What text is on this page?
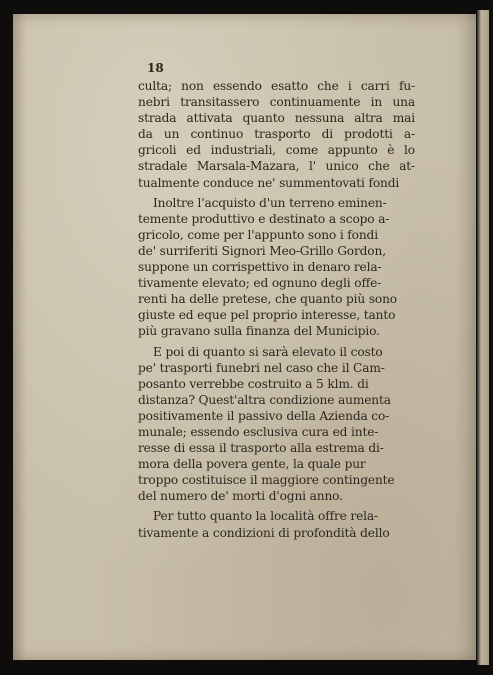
18

culta; non essendo esatto che i carri fu-
nebri transitassero continuamente in una
strada attivata quanto nessuna altra mai
da un continuo trasporto di prodotti a-
gricoli ed industriali, come appunto è lo
stradale Marsala-Mazara, l' unico che at-
tualmente conduce ne' summentovati fondi
Inoltre l'acquisto d'un terreno eminen-
temente produttivo e destinato a scopo a-
gricolo, come per l'appunto sono i fondi
de' surriferiti Signori Meo-Grillo Gordon,
suppone un corrispettivo in denaro rela-
tivamente elevato; ed ognuno degli offe-
renti ha delle pretese, che quanto più sono
giuste ed eque pel proprio interesse, tanto
più gravano sulla finanza del Municipio.
E poi di quanto si sarà elevato il costo
pe' trasporti funebri nel caso che il Cam-
posanto verrebbe costruito a 5 klm. di
distanza? Quest'altra condizione aumenta
positivamente il passivo della Azienda co-
munale; essendo esclusiva cura ed inte-
resse di essa il trasporto alla estrema di-
mora della povera gente, la quale pur
troppo costituisce il maggiore contingente
del numero de' morti d'ogni anno.
Per tutto quanto la località offre rela-
tivamente a condizioni di profondità dello
